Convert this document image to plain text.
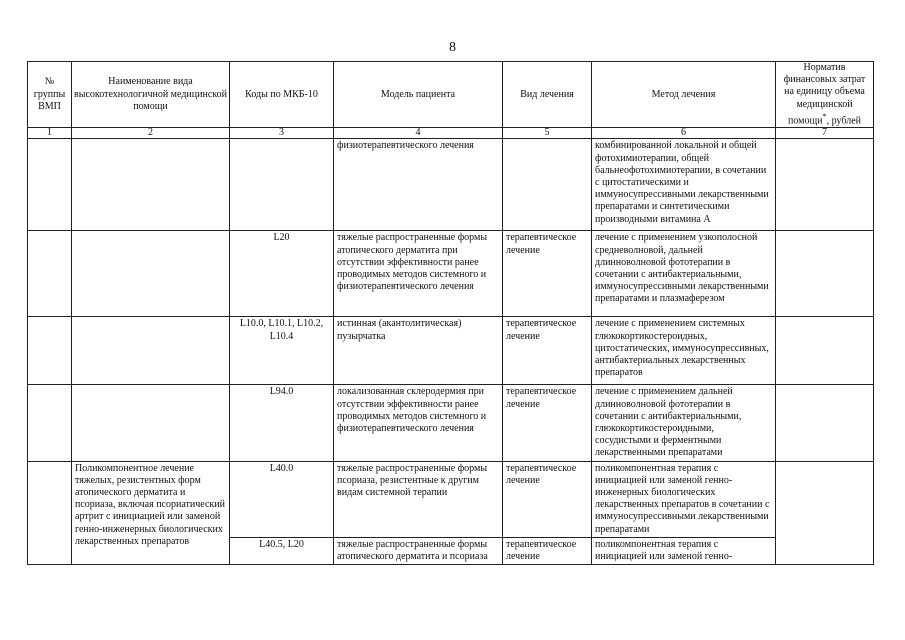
8
№ группы ВМП	Наименование вида высокотехнологичной медицинской помощи	Коды по МКБ-10	Модель пациента	Вид лечения	Метод лечения	Норматив финансовых затрат на единицу объема медицинской помощи*, рублей
1	2	3	4	5	6	7
			физиотерапевтического лечения		комбинированной локальной и общей фотохимиотерапии, общей бальнеофотохимиотерапии, в сочетании с цитостатическими и иммуносупрессивными лекарственными препаратами и синтетическими производными витамина А	
		L20	тяжелые распространенные формы атопического дерматита при отсутствии эффективности ранее проводимых методов системного и физиотерапевтического лечения	терапевтическое лечение	лечение с применением узкополосной средневолновой, дальней длинноволновой фототерапии в сочетании с антибактериальными, иммуносупрессивными лекарственными препаратами и плазмаферезом	
		L10.0, L10.1, L10.2, L10.4	истинная (акантолитическая) пузырчатка	терапевтическое лечение	лечение с применением системных глюкокортикостероидных, цитостатических, иммуносупрессивных, антибактериальных лекарственных препаратов	
		L94.0	локализованная склеродермия при отсутствии эффективности ранее проводимых методов системного и физиотерапевтического лечения	терапевтическое лечение	лечение с применением дальней длинноволновой фототерапии в сочетании с антибактериальными, глюкокортикостероидными, сосудистыми и ферментными лекарственными препаратами	
	Поликомпонентное лечение тяжелых, резистентных форм атопического дерматита и псориаза, включая псориатический артрит с инициацией или заменой генно-инженерных биологических лекарственных препаратов	L40.0	тяжелые распространенные формы псориаза, резистентные к другим видам системной терапии	терапевтическое лечение	поликомпонентная терапия с инициацией или заменой генно-инженерных биологических лекарственных препаратов в сочетании с иммуносупрессивными лекарственными препаратами	
		L40.5, L20	тяжелые распространенные формы атопического дерматита и псориаза	терапевтическое лечение	поликомпонентная терапия с инициацией или заменой генно-	
